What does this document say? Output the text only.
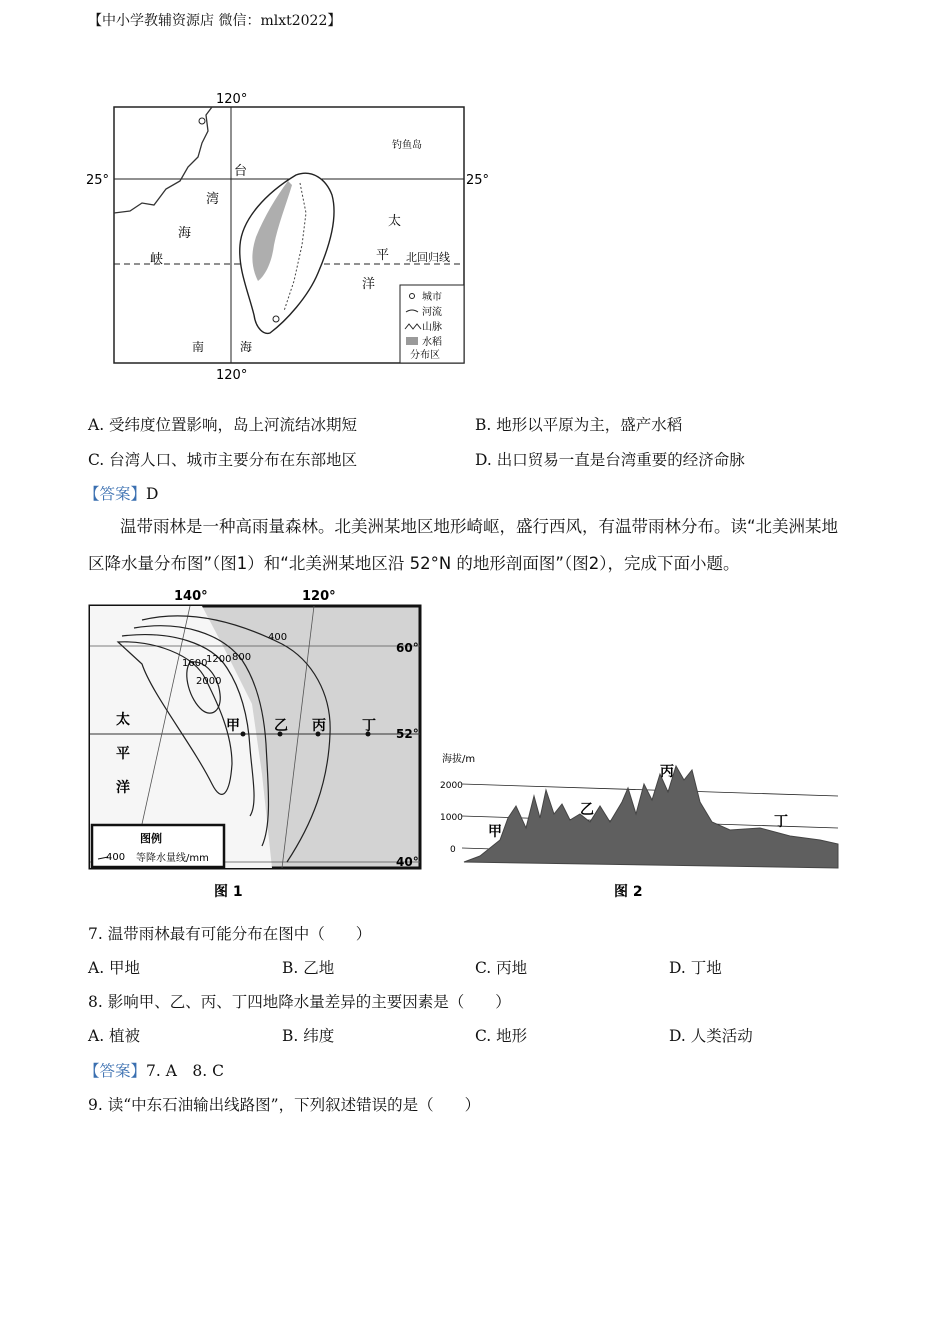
【中小学教辅资源店 微信：mlxt2022】
120°
120°
25°	25°
台
湾
海
峡
钓鱼岛
太
平
洋
北回归线
南	海
城市
河流
山脉
水稻
分布区
A. 受纬度位置影响，岛上河流结冰期短	B. 地形以平原为主，盛产水稻
C. 台湾人口、城市主要分布在东部地区	D. 出口贸易一直是台湾重要的经济命脉
【答案】D
温带雨林是一种高雨量森林。北美洲某地区地形崎岖，盛行西风，有温带雨林分布。读“北美洲某地
区降水量分布图”（图1）和“北美洲某地区沿 52°N 的地形剖面图”（图2），完成下面小题。
140°	120°
60°
52°
40°
400
800
1200
1600
2000
太
平
洋
甲 乙 丙	丁
图例
400 等降水量线/mm
图 1
海拔/m
2000
1000
0
甲
乙
丙
丁
图 2
7. 温带雨林最有可能分布在图中（　　）
A. 甲地	B. 乙地	C. 丙地	D. 丁地
8. 影响甲、乙、丙、丁四地降水量差异的主要因素是（　　）
A. 植被	B. 纬度	C. 地形	D. 人类活动
【答案】7. A　8. C
9. 读“中东石油输出线路图”，下列叙述错误的是（　　）
